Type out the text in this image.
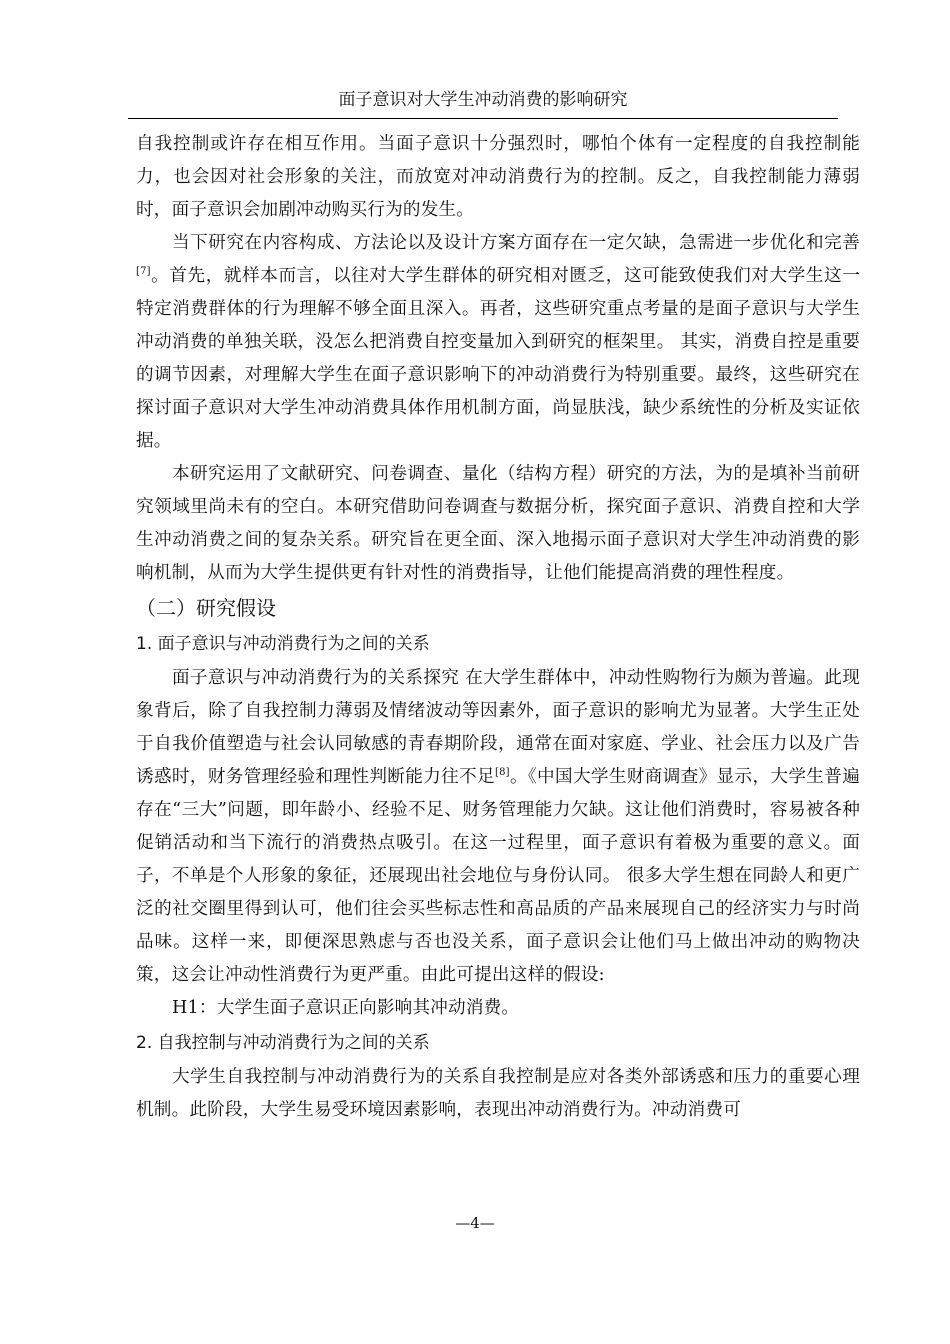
面子意识对大学生冲动消费的影响研究

自我控制或许存在相互作用。当面子意识十分强烈时，哪怕个体有一定程度的自我控制能力，也会因对社会形象的关注，而放宽对冲动消费行为的控制。反之，自我控制能力薄弱时，面子意识会加剧冲动购买行为的发生。

当下研究在内容构成、方法论以及设计方案方面存在一定欠缺，急需进一步优化和完善[7]。首先，就样本而言，以往对大学生群体的研究相对匮乏，这可能致使我们对大学生这一特定消费群体的行为理解不够全面且深入。再者，这些研究重点考量的是面子意识与大学生冲动消费的单独关联，没怎么把消费自控变量加入到研究的框架里。 其实，消费自控是重要的调节因素，对理解大学生在面子意识影响下的冲动消费行为特别重要。最终，这些研究在探讨面子意识对大学生冲动消费具体作用机制方面，尚显肤浅，缺少系统性的分析及实证依据。

本研究运用了文献研究、问卷调查、量化（结构方程）研究的方法，为的是填补当前研究领域里尚未有的空白。本研究借助问卷调查与数据分析，探究面子意识、消费自控和大学生冲动消费之间的复杂关系。研究旨在更全面、深入地揭示面子意识对大学生冲动消费的影响机制，从而为大学生提供更有针对性的消费指导，让他们能提高消费的理性程度。

（二）研究假设
1. 面子意识与冲动消费行为之间的关系

面子意识与冲动消费行为的关系探究 在大学生群体中，冲动性购物行为颇为普遍。此现象背后，除了自我控制力薄弱及情绪波动等因素外，面子意识的影响尤为显著。大学生正处于自我价值塑造与社会认同敏感的青春期阶段，通常在面对家庭、学业、社会压力以及广告诱惑时，财务管理经验和理性判断能力往不足[8]。《中国大学生财商调查》显示，大学生普遍存在“三大”问题，即年龄小、经验不足、财务管理能力欠缺。这让他们消费时，容易被各种促销活动和当下流行的消费热点吸引。在这一过程里，面子意识有着极为重要的意义。面子，不单是个人形象的象征，还展现出社会地位与身份认同。 很多大学生想在同龄人和更广泛的社交圈里得到认可，他们往会买些标志性和高品质的产品来展现自己的经济实力与时尚品味。这样一来，即便深思熟虑与否也没关系，面子意识会让他们马上做出冲动的购物决策，这会让冲动性消费行为更严重。由此可提出这样的假设:

H1：大学生面子意识正向影响其冲动消费。

2. 自我控制与冲动消费行为之间的关系

大学生自我控制与冲动消费行为的关系自我控制是应对各类外部诱惑和压力的重要心理机制。此阶段，大学生易受环境因素影响，表现出冲动消费行为。冲动消费可

—4—
